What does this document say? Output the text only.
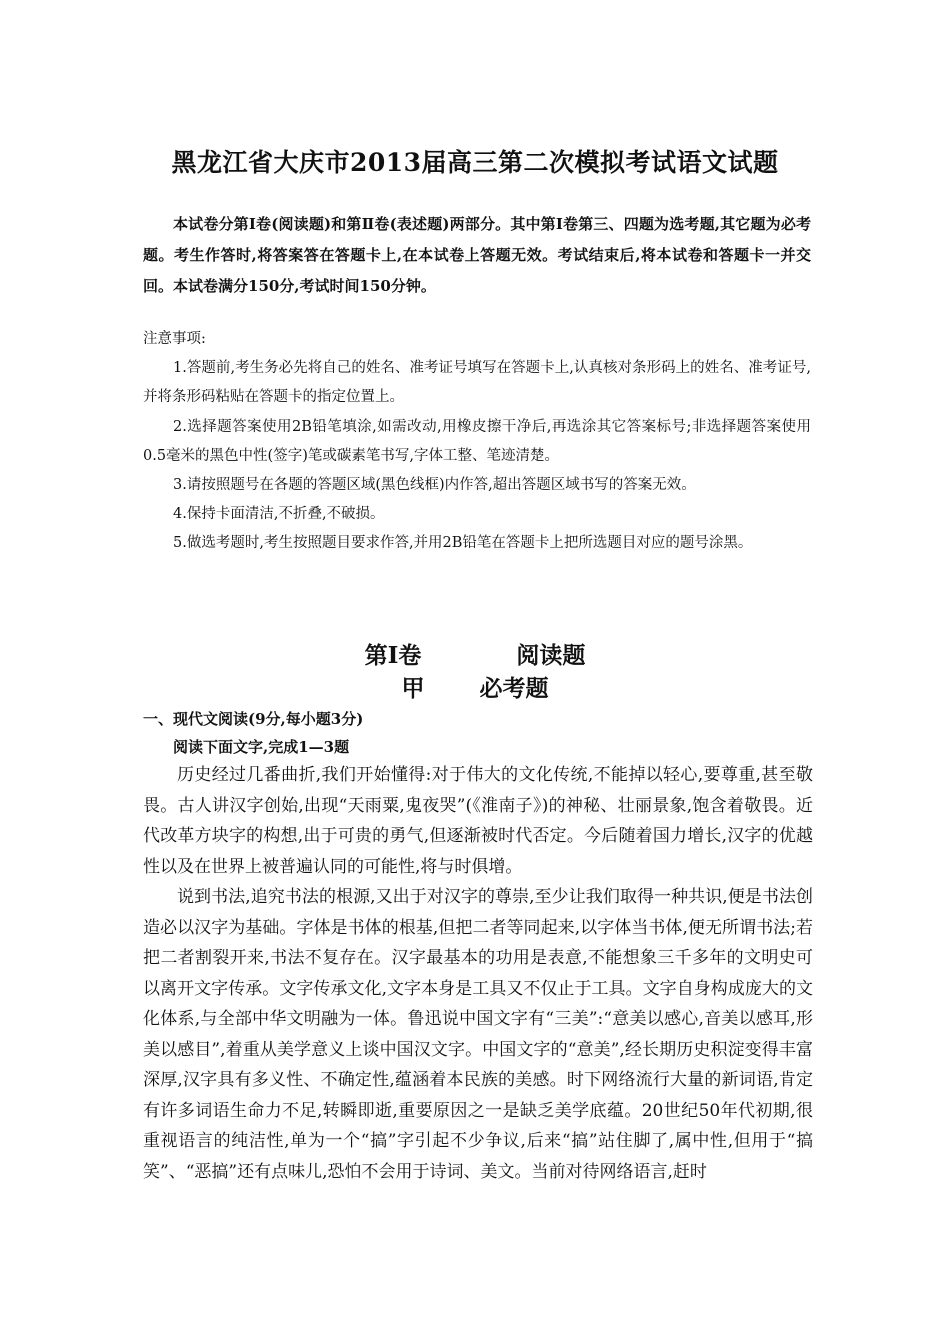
黑龙江省大庆市2013届高三第二次模拟考试语文试题

本试卷分第Ⅰ卷(阅读题)和第Ⅱ卷(表述题)两部分。其中第Ⅰ卷第三、四题为选考题,其它题为必考题。考生作答时,将答案答在答题卡上,在本试卷上答题无效。考试结束后,将本试卷和答题卡一并交回。本试卷满分150分,考试时间150分钟。

注意事项:

1.答题前,考生务必先将自己的姓名、准考证号填写在答题卡上,认真核对条形码上的姓名、准考证号,并将条形码粘贴在答题卡的指定位置上。

2.选择题答案使用2B铅笔填涂,如需改动,用橡皮擦干净后,再选涂其它答案标号;非选择题答案使用0.5毫米的黑色中性(签字)笔或碳素笔书写,字体工整、笔迹清楚。

3.请按照题号在各题的答题区域(黑色线框)内作答,超出答题区域书写的答案无效。

4.保持卡面清洁,不折叠,不破损。

5.做选考题时,考生按照题目要求作答,并用2B铅笔在答题卡上把所选题目对应的题号涂黑。

第Ⅰ卷	阅读题
甲 必考题

一、现代文阅读(9分,每小题3分)

阅读下面文字,完成1—3题

历史经过几番曲折,我们开始懂得:对于伟大的文化传统,不能掉以轻心,要尊重,甚至敬畏。古人讲汉字创始,出现“天雨粟,鬼夜哭”(《淮南子》)的神秘、壮丽景象,饱含着敬畏。近代改革方块字的构想,出于可贵的勇气,但逐渐被时代否定。今后随着国力增长,汉字的优越性以及在世界上被普遍认同的可能性,将与时俱增。

说到书法,追究书法的根源,又出于对汉字的尊崇,至少让我们取得一种共识,便是书法创造必以汉字为基础。字体是书体的根基,但把二者等同起来,以字体当书体,便无所谓书法;若把二者割裂开来,书法不复存在。汉字最基本的功用是表意,不能想象三千多年的文明史可以离开文字传承。文字传承文化,文字本身是工具又不仅止于工具。文字自身构成庞大的文化体系,与全部中华文明融为一体。鲁迅说中国文字有“三美”:“意美以感心,音美以感耳,形美以感目”,着重从美学意义上谈中国汉文字。中国文字的“意美”,经长期历史积淀变得丰富深厚,汉字具有多义性、不确定性,蕴涵着本民族的美感。时下网络流行大量的新词语,肯定有许多词语生命力不足,转瞬即逝,重要原因之一是缺乏美学底蕴。20世纪50年代初期,很重视语言的纯洁性,单为一个“搞”字引起不少争议,后来“搞”站住脚了,属中性,但用于“搞笑”、“恶搞”还有点味儿,恐怕不会用于诗词、美文。当前对待网络语言,赶时
